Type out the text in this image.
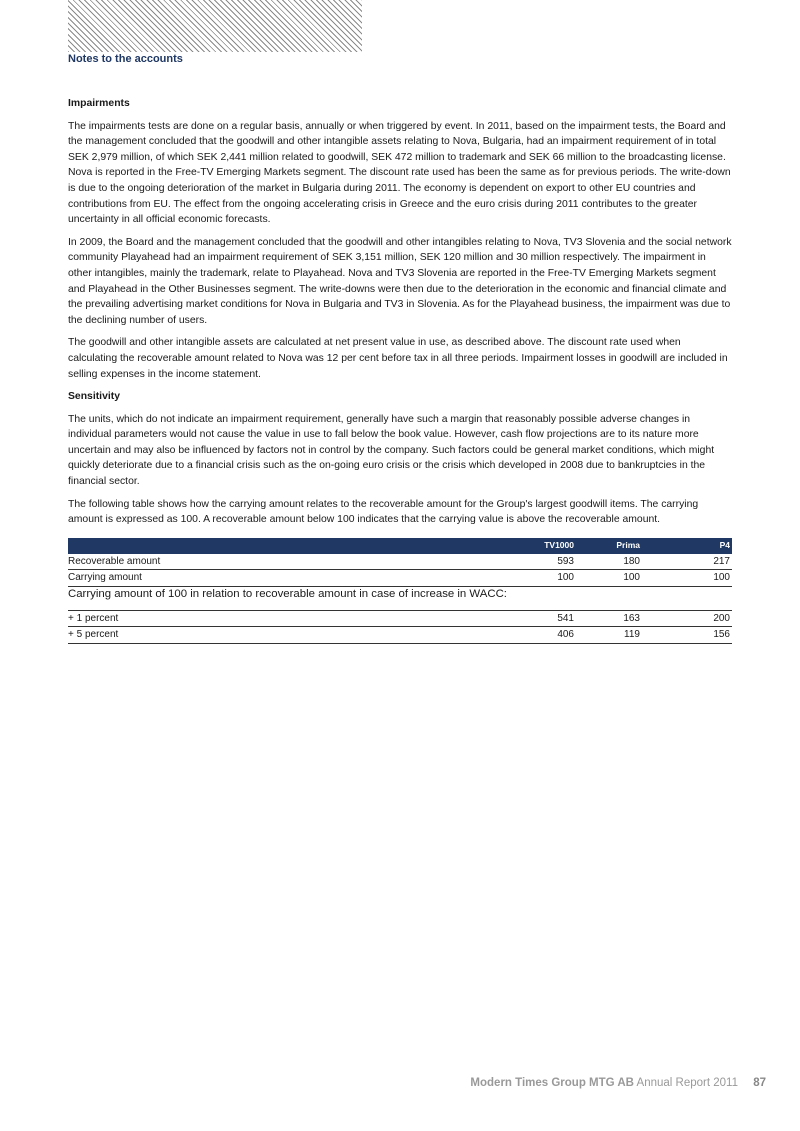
Notes to the accounts

Impairments

The impairments tests are done on a regular basis, annually or when triggered by event. In 2011, based on the impairment tests, the Board and the management concluded that the goodwill and other intangible assets relating to Nova, Bulgaria, had an impairment requirement of in total SEK 2,979 million, of which SEK 2,441 million related to goodwill, SEK 472 million to trademark and SEK 66 million to the broadcasting license. Nova is reported in the Free-TV Emerging Markets segment. The discount rate used has been the same as for previous periods. The write-down is due to the ongoing deterioration of the market in Bulgaria during 2011. The economy is dependent on export to other EU countries and contributions from EU. The effect from the ongoing accelerating crisis in Greece and the euro crisis during 2011 contributes to the greater uncertainty in all official economic forecasts.

In 2009, the Board and the management concluded that the goodwill and other intangibles relating to Nova, TV3 Slovenia and the social network community Playahead had an impairment requirement of SEK 3,151 million, SEK 120 million and 30 million respectively. The impairment in other intangibles, mainly the trademark, relate to Playahead. Nova and TV3 Slovenia are reported in the Free-TV Emerging Markets segment and Playahead in the Other Businesses segment. The write-downs were then due to the deterioration in the economic and financial climate and the prevailing advertising market conditions for Nova in Bulgaria and TV3 in Slovenia. As for the Playahead business, the impairment was due to the declining number of users.

The goodwill and other intangible assets are calculated at net present value in use, as described above. The discount rate used when calculating the recoverable amount related to Nova was 12 per cent before tax in all three periods. Impairment losses in goodwill are included in selling expenses in the income statement.

Sensitivity

The units, which do not indicate an impairment requirement, generally have such a margin that reasonably possible adverse changes in individual parameters would not cause the value in use to fall below the book value. However, cash flow projections are to its nature more uncertain and may also be influenced by factors not in control by the company. Such factors could be general market conditions, which might quickly deteriorate due to a financial crisis such as the on-going euro crisis or the crisis which developed in 2008 due to bankruptcies in the financial sector.

The following table shows how the carrying amount relates to the recoverable amount for the Group's largest goodwill items. The carrying amount is expressed as 100. A recoverable amount below 100 indicates that the carrying value is above the recoverable amount.

	TV1000	Prima	P4
Recoverable amount	593	180	217
Carrying amount	100	100	100

Carrying amount of 100 in relation to recoverable amount in case of increase in WACC:

+ 1 percent	541	163	200
+ 5 percent	406	119	156
Modern Times Group MTG AB Annual Report 2011 87
